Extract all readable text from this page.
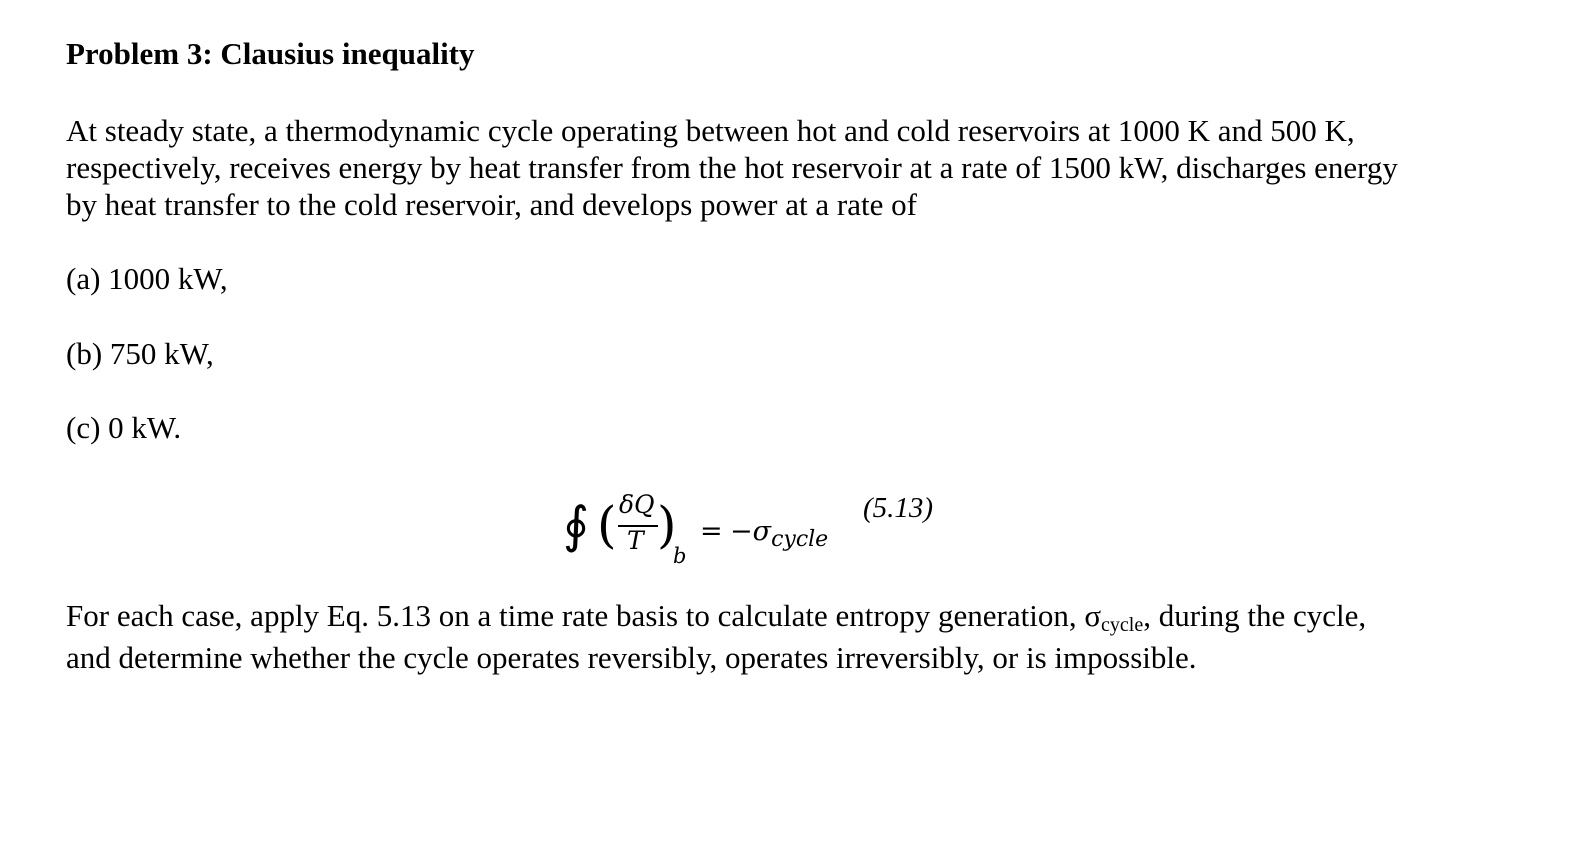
Problem 3: Clausius inequality
At steady state, a thermodynamic cycle operating between hot and cold reservoirs at 1000 K and 500 K,
respectively, receives energy by heat transfer from the hot reservoir at a rate of 1500 kW, discharges energy
by heat transfer to the cold reservoir, and develops power at a rate of
(a) 1000 kW,
(b) 750 kW,
(c) 0 kW.
∮ ( δQ
T )
b
= $-\sigma_{cycle}$
(5.13)
For each case, apply Eq. 5.13 on a time rate basis to calculate entropy generation, σcycle, during the cycle,
and determine whether the cycle operates reversibly, operates irreversibly, or is impossible.
